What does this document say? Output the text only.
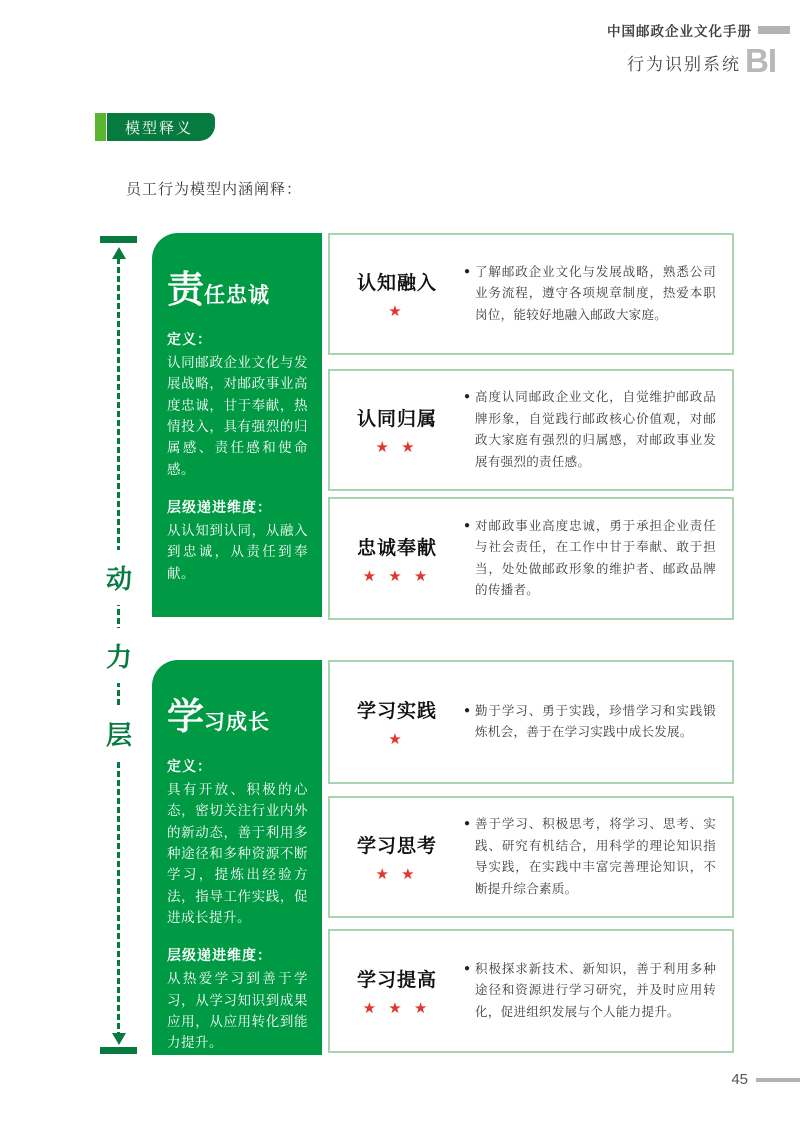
中国邮政企业文化手册
行为识别系统 BI
模型释义
员工行为模型内涵阐释：
动
力
层
责任忠诚
定义：
认同邮政企业文化与发展战略，对邮政事业高度忠诚，甘于奉献，热情投入，具有强烈的归属感、责任感和使命感。
层级递进维度：
从认知到认同，从融入到忠诚，从责任到奉献。
认知融入
★
●

了解邮政企业文化与发展战略，熟悉公司业务流程，遵守各项规章制度，热爱本职岗位，能较好地融入邮政大家庭。

认同归属
★ ★
●

高度认同邮政企业文化，自觉维护邮政品牌形象，自觉践行邮政核心价值观，对邮政大家庭有强烈的归属感，对邮政事业发展有强烈的责任感。

忠诚奉献
★ ★ ★
●

对邮政事业高度忠诚，勇于承担企业责任与社会责任，在工作中甘于奉献、敢于担当，处处做邮政形象的维护者、邮政品牌的传播者。

学习成长
定义：
具有开放、积极的心态，密切关注行业内外的新动态，善于利用多种途径和多种资源不断学习，提炼出经验方法，指导工作实践，促进成长提升。
层级递进维度：
从热爱学习到善于学习，从学习知识到成果应用，从应用转化到能力提升。
学习实践
★
●

勤于学习、勇于实践，珍惜学习和实践锻炼机会，善于在学习实践中成长发展。

学习思考
★ ★
●

善于学习、积极思考，将学习、思考、实践、研究有机结合，用科学的理论知识指导实践，在实践中丰富完善理论知识，不断提升综合素质。

学习提高
★ ★ ★
●

积极探求新技术、新知识，善于利用多种途径和资源进行学习研究，并及时应用转化，促进组织发展与个人能力提升。

45
